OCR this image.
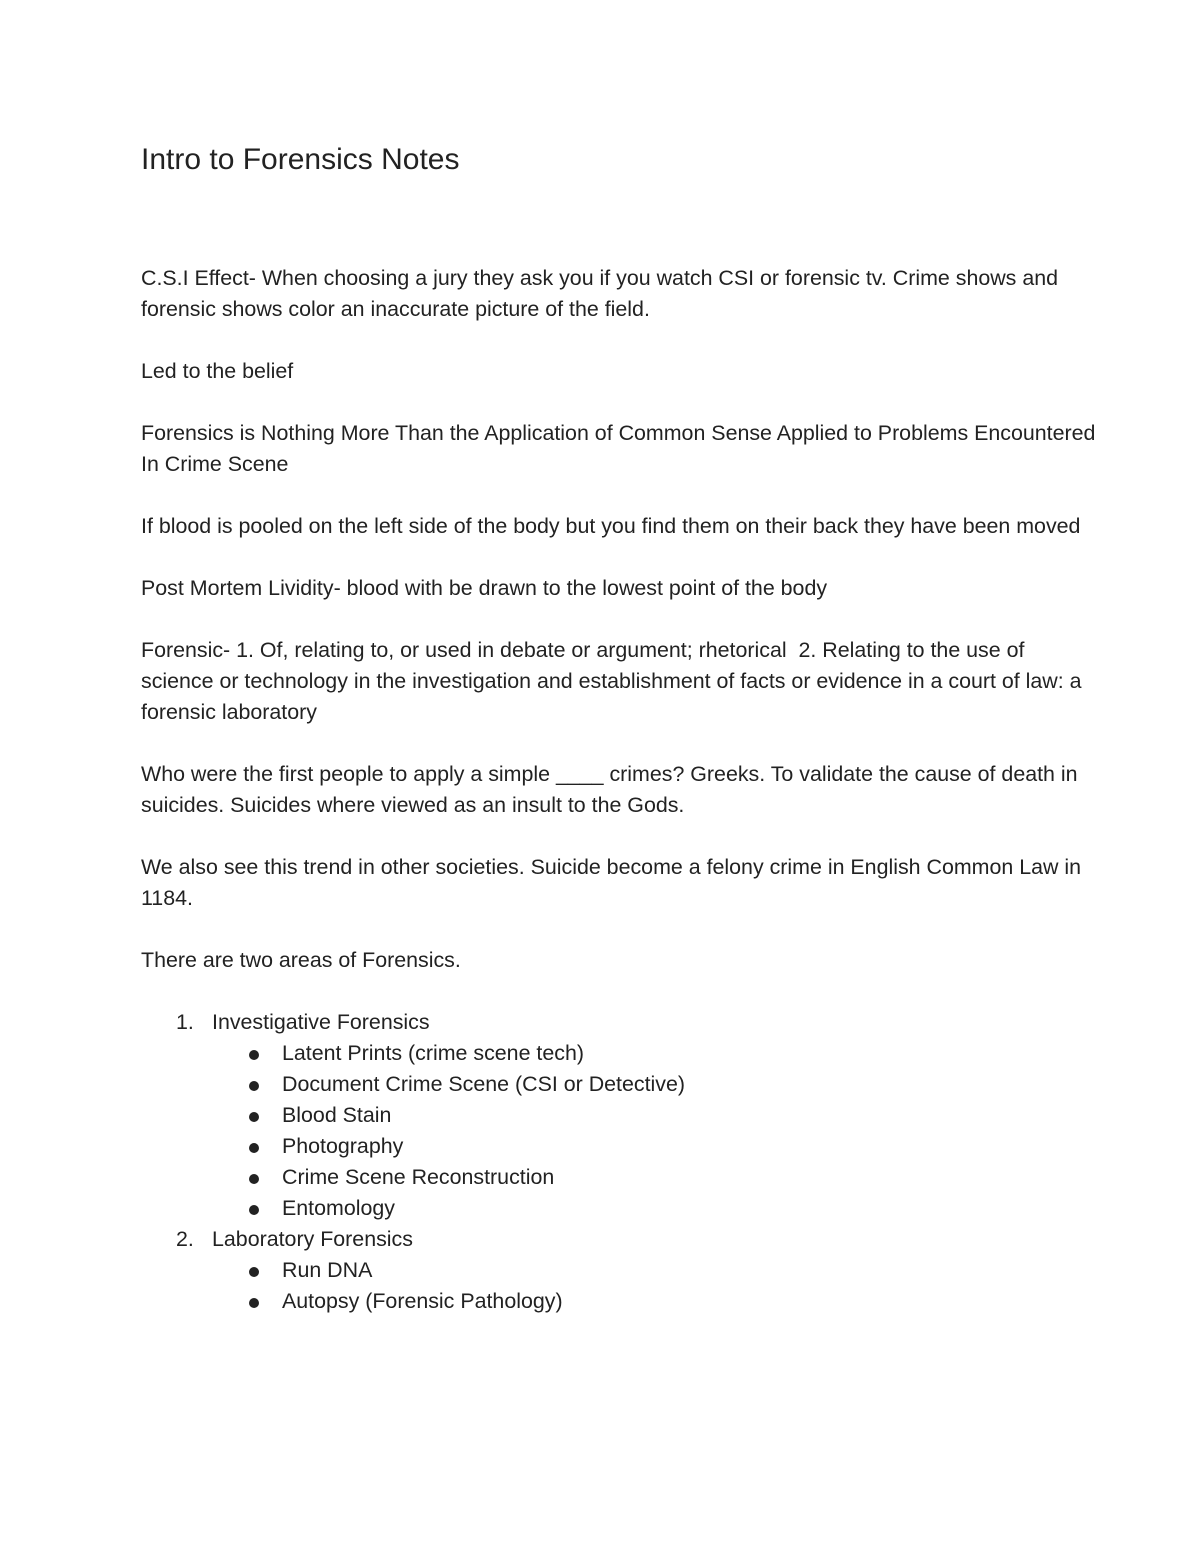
Intro to Forensics Notes

C.S.I Effect- When choosing a jury they ask you if you watch CSI or forensic tv. Crime shows and forensic shows color an inaccurate picture of the field.

Led to the belief

Forensics is Nothing More Than the Application of Common Sense Applied to Problems Encountered In Crime Scene

If blood is pooled on the left side of the body but you find them on their back they have been moved

Post Mortem Lividity- blood with be drawn to the lowest point of the body

Forensic- 1. Of, relating to, or used in debate or argument; rhetorical  2. Relating to the use of science or technology in the investigation and establishment of facts or evidence in a court of law: a forensic laboratory

Who were the first people to apply a simple ____ crimes? Greeks. To validate the cause of death in suicides. Suicides where viewed as an insult to the Gods.

We also see this trend in other societies. Suicide become a felony crime in English Common Law in 1184.

There are two areas of Forensics.

1. Investigative Forensics
Latent Prints (crime scene tech)
Document Crime Scene (CSI or Detective)
Blood Stain
Photography
Crime Scene Reconstruction
Entomology
2. Laboratory Forensics
Run DNA
Autopsy (Forensic Pathology)
